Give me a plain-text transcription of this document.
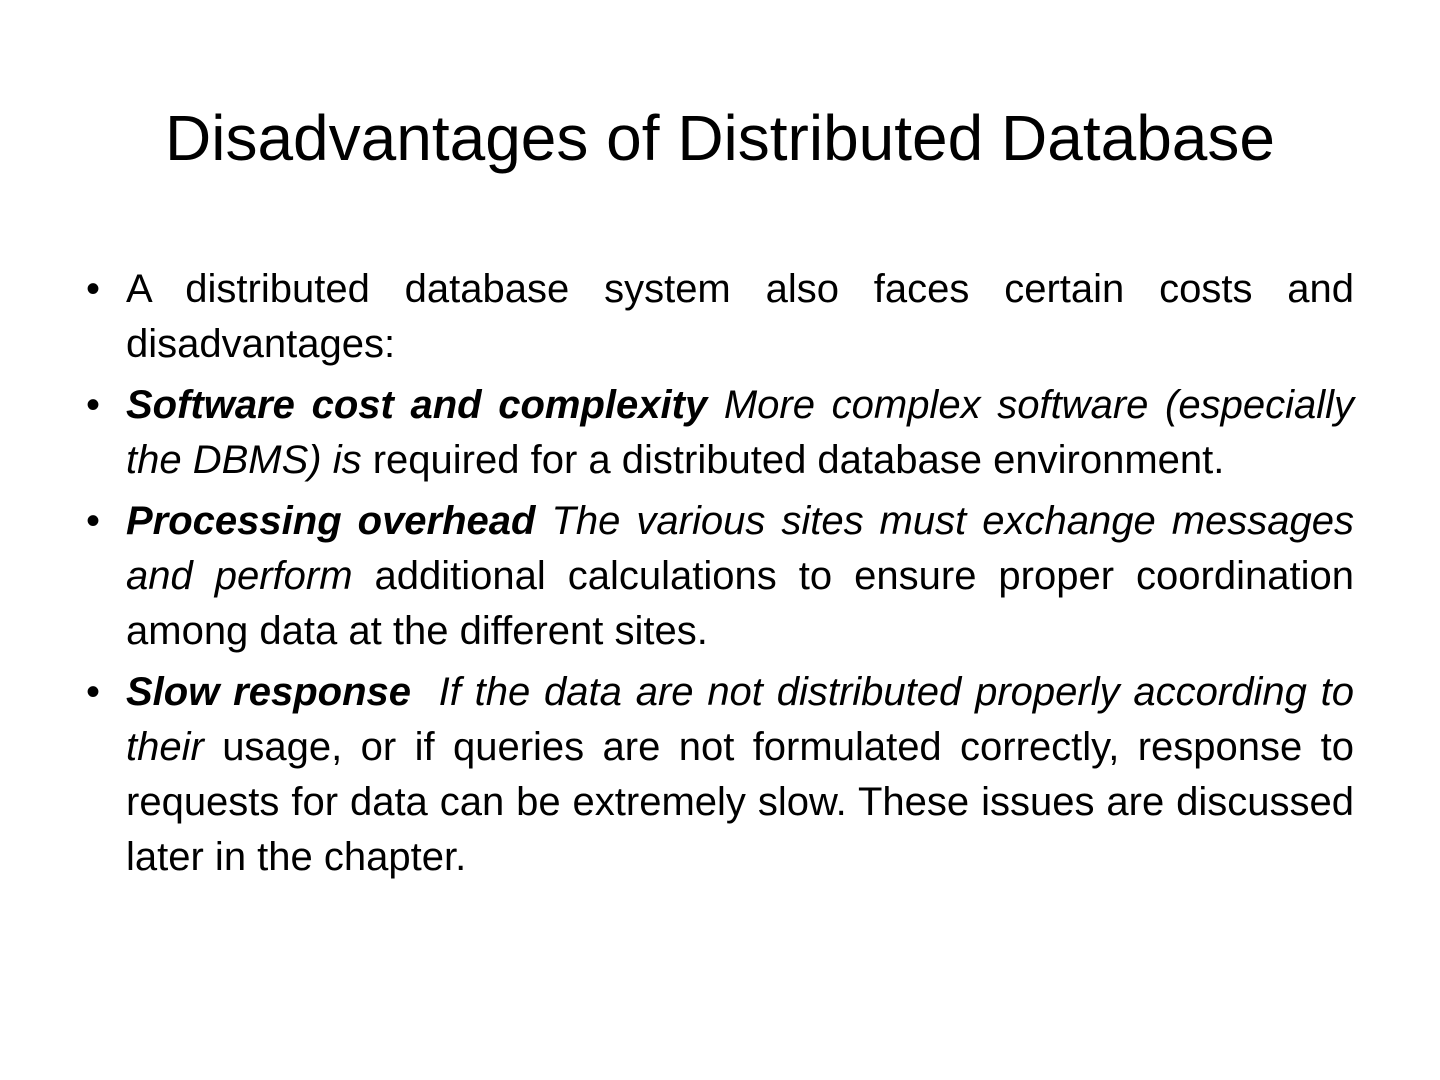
Disadvantages of Distributed Database
• A distributed database system also faces certain costs and disadvantages:
• Software cost and complexity More complex software (especially the DBMS) is required for a distributed database environment.
• Processing overhead The various sites must exchange messages and perform additional calculations to ensure proper coordination among data at the different sites.
• Slow response If the data are not distributed properly according to their usage, or if queries are not formulated correctly, response to requests for data can be extremely slow. These issues are discussed later in the chapter.
